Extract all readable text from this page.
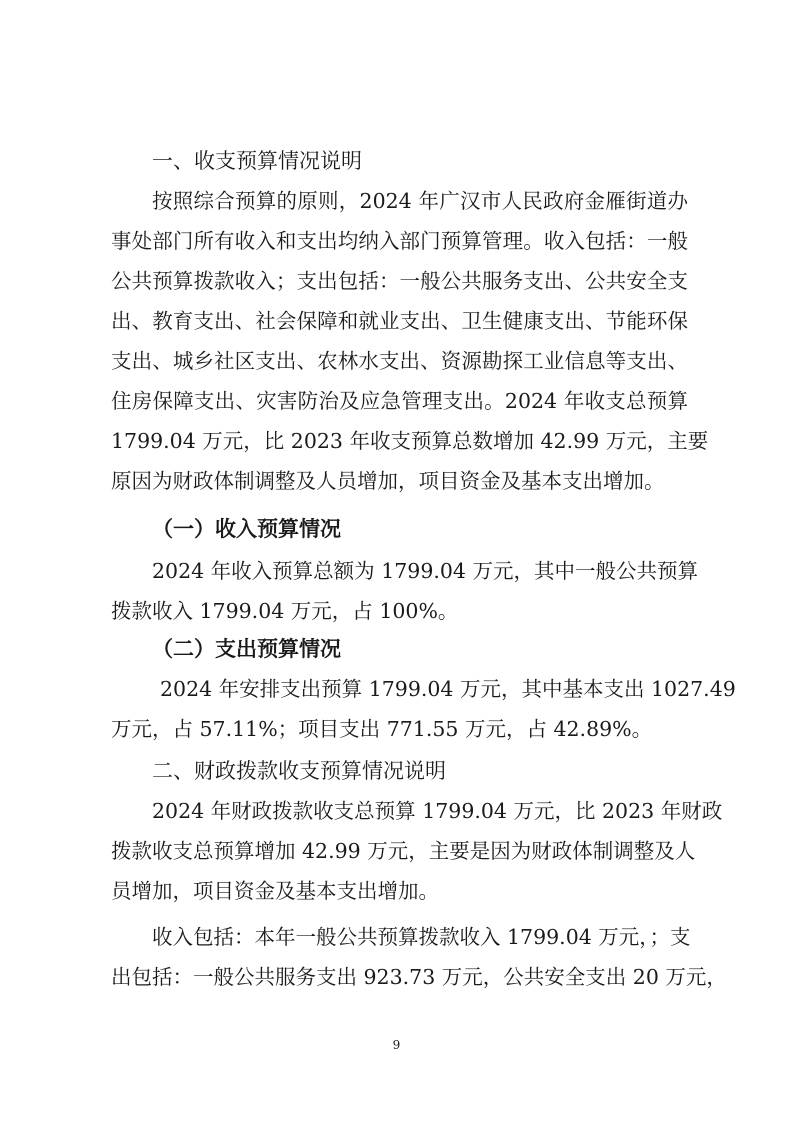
一、收支预算情况说明
按照综合预算的原则，2024 年广汉市人民政府金雁街道办
事处部门所有收入和支出均纳入部门预算管理。收入包括：一般
公共预算拨款收入；支出包括：一般公共服务支出、公共安全支
出、教育支出、社会保障和就业支出、卫生健康支出、节能环保
支出、城乡社区支出、农林水支出、资源勘探工业信息等支出、
住房保障支出、灾害防治及应急管理支出。2024 年收支总预算
1799.04 万元，比 2023 年收支预算总数增加 42.99 万元，主要
原因为财政体制调整及人员增加，项目资金及基本支出增加。
（一）收入预算情况
2024 年收入预算总额为 1799.04 万元，其中一般公共预算
拨款收入 1799.04 万元，占 100%。
（二）支出预算情况
2024 年安排支出预算 1799.04 万元，其中基本支出 1027.49
万元，占 57.11%；项目支出 771.55 万元，占 42.89%。
二、财政拨款收支预算情况说明
2024 年财政拨款收支总预算 1799.04 万元，比 2023 年财政
拨款收支总预算增加 42.99 万元，主要是因为财政体制调整及人
员增加，项目资金及基本支出增加。
收入包括：本年一般公共预算拨款收入 1799.04 万元，；支
出包括：一般公共服务支出 923.73 万元，公共安全支出 20 万元，
9
